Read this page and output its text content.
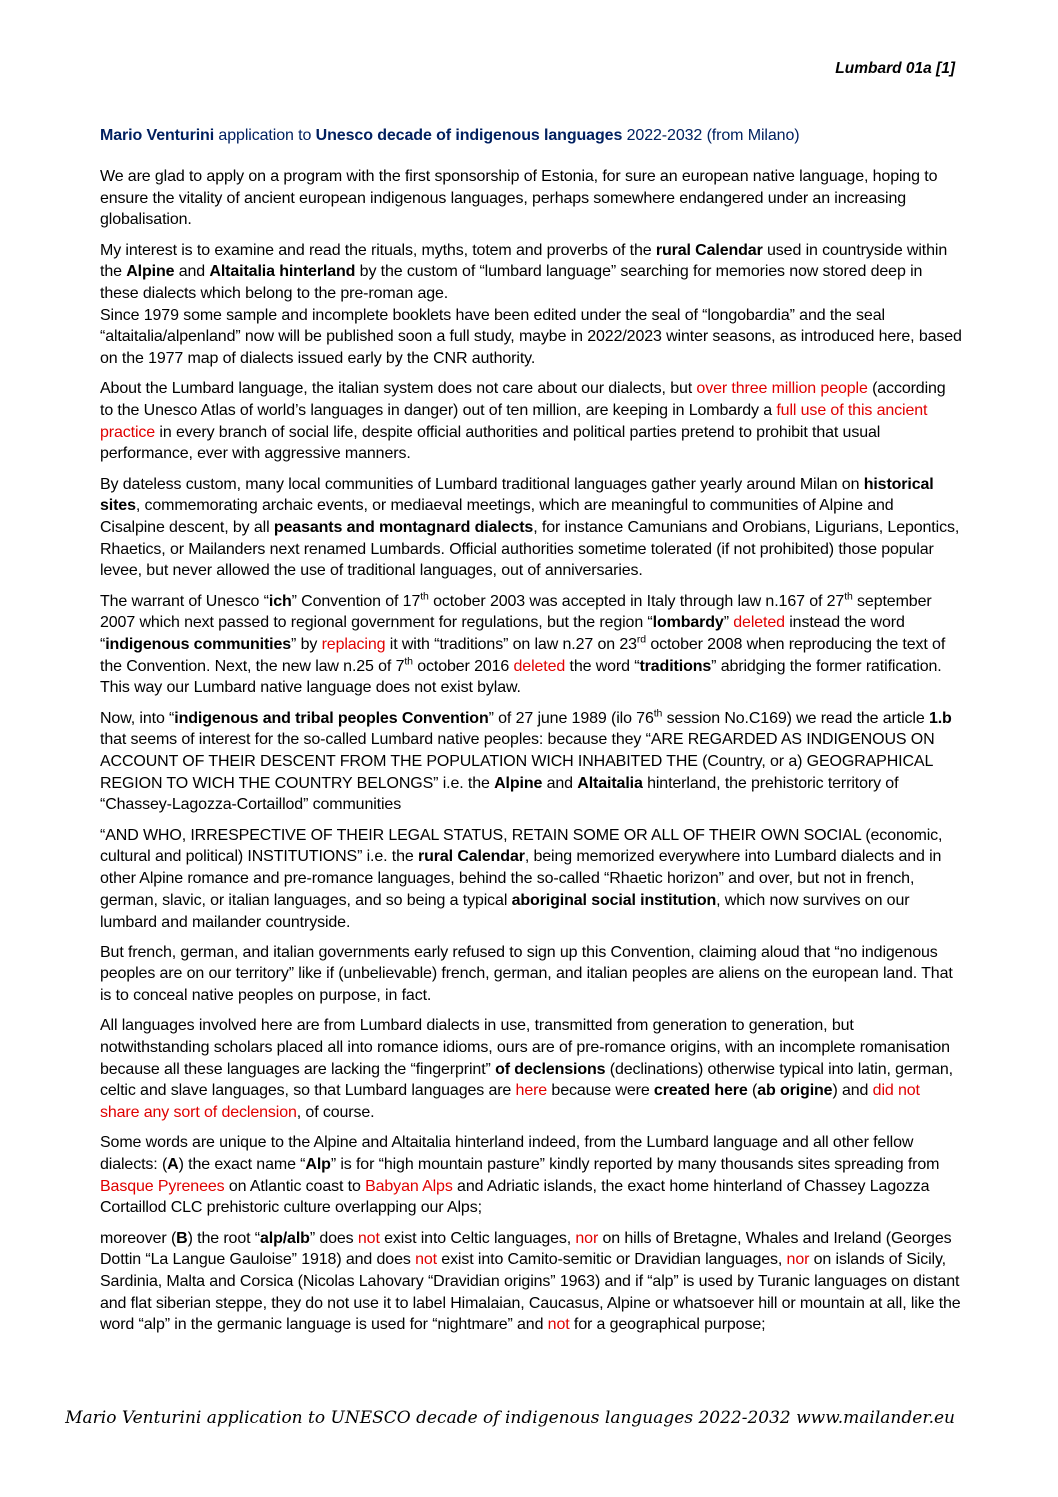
Lumbard 01a [1]
Mario Venturini application to Unesco decade of indigenous languages 2022-2032 (from Milano)

We are glad to apply on a program with the first sponsorship of Estonia, for sure an european native language, hoping to ensure the vitality of ancient european indigenous languages, perhaps somewhere endangered under an increasing globalisation.

My interest is to examine and read the rituals, myths, totem and proverbs of the rural Calendar used in countryside within the Alpine and Altaitalia hinterland by the custom of “lumbard language” searching for memories now stored deep in these dialects which belong to the pre-roman age.
Since 1979 some sample and incomplete booklets have been edited under the seal of “longobardia” and the seal “altaitalia/alpenland” now will be published soon a full study, maybe in 2022/2023 winter seasons, as introduced here, based on the 1977 map of dialects issued early by the CNR authority.

About the Lumbard language, the italian system does not care about our dialects, but over three million people (according to the Unesco Atlas of world’s languages in danger) out of ten million, are keeping in Lombardy a full use of this ancient practice in every branch of social life, despite official authorities and political parties pretend to prohibit that usual performance, ever with aggressive manners.

By dateless custom, many local communities of Lumbard traditional languages gather yearly around Milan on historical sites, commemorating archaic events, or mediaeval meetings, which are meaningful to communities of Alpine and Cisalpine descent, by all peasants and montagnard dialects, for instance Camunians and Orobians, Ligurians, Lepontics, Rhaetics, or Mailanders next renamed Lumbards. Official authorities sometime tolerated (if not prohibited) those popular levee, but never allowed the use of traditional languages, out of anniversaries.

The warrant of Unesco “ich” Convention of 17th october 2003 was accepted in Italy through law n.167 of 27th september 2007 which next passed to regional government for regulations, but the region “lombardy” deleted instead the word “indigenous communities” by replacing it with “traditions” on law n.27 on 23rd october 2008 when reproducing the text of the Convention. Next, the new law n.25 of 7th october 2016 deleted the word “traditions” abridging the former ratification. This way our Lumbard native language does not exist bylaw.

Now, into “indigenous and tribal peoples Convention” of 27 june 1989 (ilo 76th session No.C169) we read the article 1.b that seems of interest for the so-called Lumbard native peoples: because they “ARE REGARDED AS INDIGENOUS ON ACCOUNT OF THEIR DESCENT FROM THE POPULATION WICH INHABITED THE (Country, or a) GEOGRAPHICAL REGION TO WICH THE COUNTRY BELONGS” i.e. the Alpine and Altaitalia hinterland, the prehistoric territory of “Chassey-Lagozza-Cortaillod” communities

“AND WHO, IRRESPECTIVE OF THEIR LEGAL STATUS, RETAIN SOME OR ALL OF THEIR OWN SOCIAL (economic, cultural and political) INSTITUTIONS” i.e. the rural Calendar, being memorized everywhere into Lumbard dialects and in other Alpine romance and pre-romance languages, behind the so-called “Rhaetic horizon” and over, but not in french, german, slavic, or italian languages, and so being a typical aboriginal social institution, which now survives on our lumbard and mailander countryside.

But french, german, and italian governments early refused to sign up this Convention, claiming aloud that “no indigenous peoples are on our territory” like if (unbelievable) french, german, and italian peoples are aliens on the european land. That is to conceal native peoples on purpose, in fact.

All languages involved here are from Lumbard dialects in use, transmitted from generation to generation, but notwithstanding scholars placed all into romance idioms, ours are of pre-romance origins, with an incomplete romanisation because all these languages are lacking the “fingerprint” of declensions (declinations) otherwise typical into latin, german, celtic and slave languages, so that Lumbard languages are here because were created here (ab origine) and did not share any sort of declension, of course.

Some words are unique to the Alpine and Altaitalia hinterland indeed, from the Lumbard language and all other fellow dialects: (A) the exact name “Alp” is for “high mountain pasture” kindly reported by many thousands sites spreading from Basque Pyrenees on Atlantic coast to Babyan Alps and Adriatic islands, the exact home hinterland of Chassey Lagozza Cortaillod CLC prehistoric culture overlapping our Alps;

moreover (B) the root “alp/alb” does not exist into Celtic languages, nor on hills of Bretagne, Whales and Ireland (Georges Dottin “La Langue Gauloise” 1918) and does not exist into Camito-semitic or Dravidian languages, nor on islands of Sicily, Sardinia, Malta and Corsica (Nicolas Lahovary “Dravidian origins” 1963) and if “alp” is used by Turanic languages on distant and flat siberian steppe, they do not use it to label Himalaian, Caucasus, Alpine or whatsoever hill or mountain at all, like the word “alp” in the germanic language is used for “nightmare” and not for a geographical purpose;

Mario Venturini application to UNESCO decade of indigenous languages 2022-2032 www.mailander.eu
